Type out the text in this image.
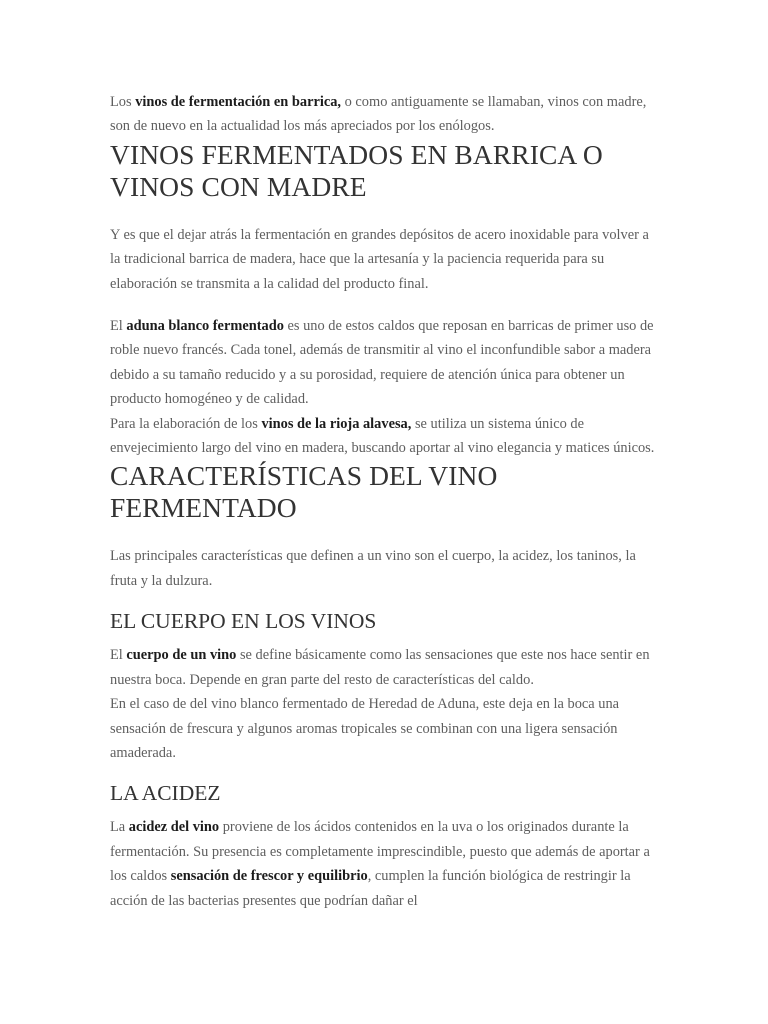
Los vinos de fermentación en barrica, o como antiguamente se llamaban, vinos con madre, son de nuevo en la actualidad los más apreciados por los enólogos.

VINOS FERMENTADOS EN BARRICA O VINOS CON MADRE

Y es que el dejar atrás la fermentación en grandes depósitos de acero inoxidable para volver a la tradicional barrica de madera, hace que la artesanía y la paciencia requerida para su elaboración se transmita a la calidad del producto final.

El aduna blanco fermentado es uno de estos caldos que reposan en barricas de primer uso de roble nuevo francés. Cada tonel, además de transmitir al vino el inconfundible sabor a madera debido a su tamaño reducido y a su porosidad, requiere de atención única para obtener un producto homogéneo y de calidad.

Para la elaboración de los vinos de la rioja alavesa, se utiliza un sistema único de envejecimiento largo del vino en madera, buscando aportar al vino elegancia y matices únicos.

CARACTERÍSTICAS DEL VINO FERMENTADO

Las principales características que definen a un vino son el cuerpo, la acidez, los taninos, la fruta y la dulzura.

EL CUERPO EN LOS VINOS

El cuerpo de un vino se define básicamente como las sensaciones que este nos hace sentir en nuestra boca. Depende en gran parte del resto de características del caldo.

En el caso de del vino blanco fermentado de Heredad de Aduna, este deja en la boca una sensación de frescura y algunos aromas tropicales se combinan con una ligera sensación amaderada.

LA ACIDEZ

La acidez del vino proviene de los ácidos contenidos en la uva o los originados durante la fermentación. Su presencia es completamente imprescindible, puesto que además de aportar a los caldos sensación de frescor y equilibrio, cumplen la función biológica de restringir la acción de las bacterias presentes que podrían dañar el
